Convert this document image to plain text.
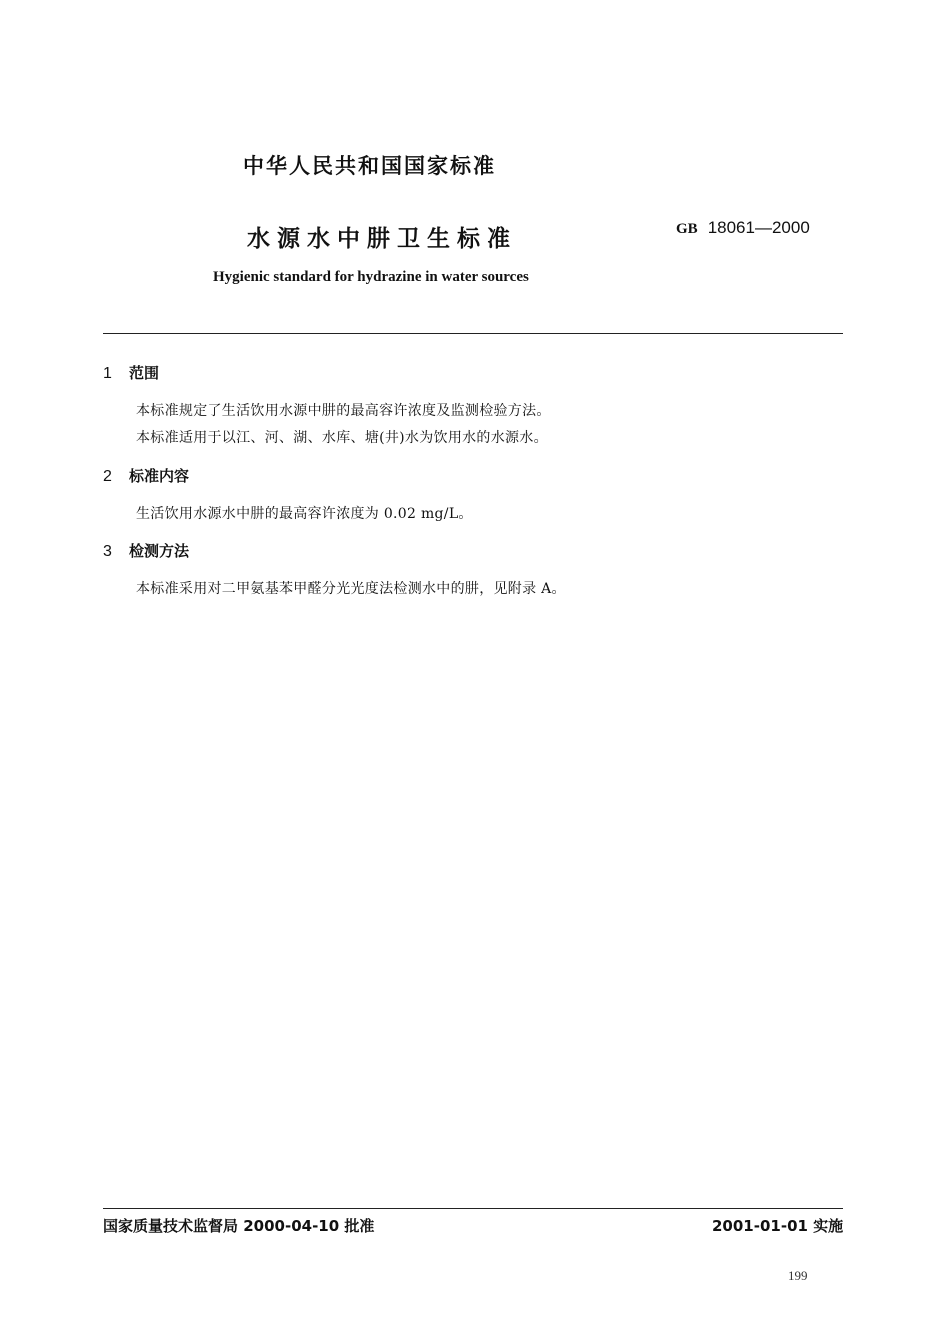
中华人民共和国国家标准
水源水中肼卫生标准	GB 18061—2000
Hygienic standard for hydrazine in water sources
1 范围
本标准规定了生活饮用水源中肼的最高容许浓度及监测检验方法。
本标准适用于以江、河、湖、水库、塘(井)水为饮用水的水源水。
2 标准内容
生活饮用水源水中肼的最高容许浓度为 0.02 mg/L。
3 检测方法
本标准采用对二甲氨基苯甲醛分光光度法检测水中的肼，见附录 A。
国家质量技术监督局 2000-04-10 批准	2001-01-01 实施
199
